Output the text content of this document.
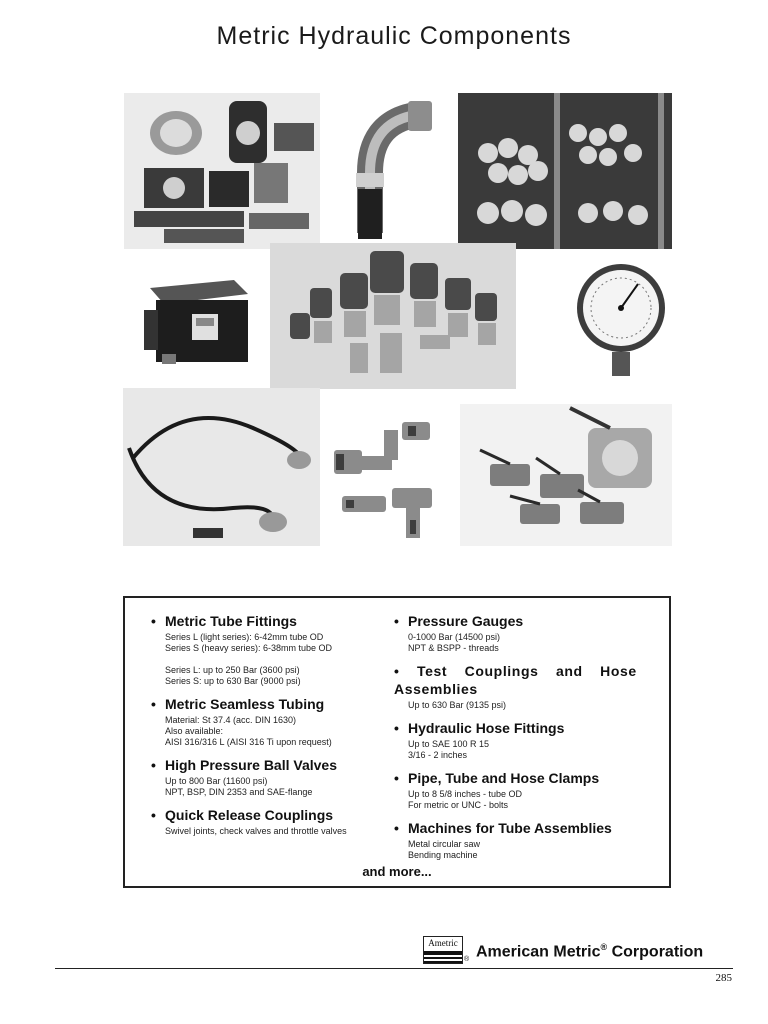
Metric Hydraulic Components
• Metric Tube Fittings
Series L (light series): 6-42mm tube OD
Series S (heavy series): 6-38mm tube OD
Series L: up to 250 Bar (3600 psi)
Series S: up to 630 Bar (9000 psi)
• Metric Seamless Tubing
Material: St 37.4 (acc. DIN 1630)
Also available:
AISI 316/316 L (AISI 316 Ti upon request)
• High Pressure Ball Valves
Up to 800 Bar (11600 psi)
NPT, BSP, DIN 2353 and SAE-flange
• Quick Release Couplings
Swivel joints, check valves and throttle valves
• Pressure Gauges
0-1000 Bar (14500 psi)
NPT & BSPP - threads
• Test Couplings and Hose Assemblies
Up to 630 Bar (9135 psi)
• Hydraulic Hose Fittings
Up to SAE 100 R 15
3/16 - 2 inches
• Pipe, Tube and Hose Clamps
Up to 8 5/8 inches - tube OD
For metric or UNC - bolts
• Machines for Tube Assemblies
Metal circular saw
Bending machine
and more...
Ametric
® American Metric® Corporation
285
